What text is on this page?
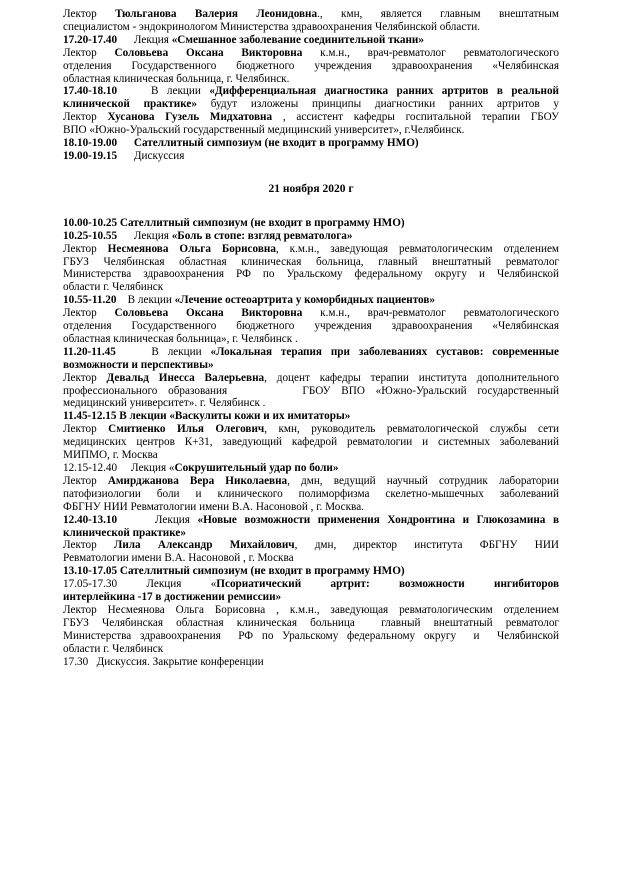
Лектор Тюльганова Валерия Леонидовна., кмн, является главным внештатным
специалистом - эндокринологом Министерства здравоохранения Челябинской области.
17.20-17.40      Лекция «Смешанное заболевание соединительной ткани»
Лектор Соловьева Оксана Викторовна к.м.н., врач-ревматолог ревматологического
отделения Государственного бюджетного учреждения здравоохранения «Челябинская
областная клиническая больница, г. Челябинск.
17.40-18.10    В лекции «Дифференциальная диагностика ранних артритов в реальной
клинической практике» будут изложены принципы диагностики ранних артритов у
Лектор Хусанова Гузель Мидхатовна , ассистент кафедры госпитальной терапии ГБОУ
ВПО «Южно-Уральский государственный медицинский университет», г.Челябинск.
18.10-19.00 Сателлитный симпозиум (не входит в программу НМО)
19.00-19.15      Дискуссия
21 ноября 2020 г
10.00-10.25 Сателлитный симпозиум (не входит в программу НМО)
10.25-10.55      Лекция «Боль в стопе: взгляд ревматолога»
Лектор Несмеянова Ольга Борисовна, к.м.н., заведующая ревматологическим отделением
ГБУЗ Челябинская областная клиническая больница, главный внештатный ревматолог
Министерства здравоохранения РФ по Уральскому федеральному округу и Челябинской
области г. Челябинск
10.55-11.20    В лекции «Лечение остеоартрита у коморбидных пациентов»
Лектор Соловьева Оксана Викторовна к.м.н., врач-ревматолог ревматологического
отделения Государственного бюджетного учреждения здравоохранения «Челябинская
областная клиническая больница», г. Челябинск .
11.20-11.45    В лекции «Локальная терапия при заболеваниях суставов: современные
возможности и перспективы»
Лектор Девальд Инесса Валерьевна, доцент кафедры терапии института дополнительного
профессионального образования       ГБОУ ВПО «Южно-Уральский государственный
медицинский университет». г. Челябинск .
11.45-12.15 В лекции «Васкулиты кожи и их имитаторы»
Лектор Смитиенко Илья Олегович, кмн, руководитель ревматологической службы сети
медицинских центров К+31, заведующий кафедрой ревматологии и системных заболеваний
МИПМО, г. Москва
12.15-12.40     Лекция «Сокрушительный удар по боли»
Лектор Амирджанова Вера Николаевна, дмн, ведущий научный сотрудник лаборатории
патофизиологии боли и клинического полиморфизма скелетно-мышечных заболеваний
ФБГНУ НИИ Ревматологии имени В.А. Насоновой , г. Москва.
12.40-13.10     Лекция «Новые возможности применения Хондронтина и Глюкозамина в
клинической практике»
Лектор Лила Александр Михайлович, дмн, директор института ФБГНУ НИИ
Ревматологии имени В.А. Насоновой , г. Москва
13.10-17.05 Сателлитный симпозиум (не входит в программу НМО)
17.05-17.30     Лекция     «Псориатический     артрит:     возможности     ингибиторов
интерлейкина -17 в достижении ремиссии»
Лектор Несмеянова Ольга Борисовна , к.м.н., заведующая ревматологическим отделением
ГБУЗ Челябинская областная клиническая больница  главный внештатный ревматолог
Министерства здравоохранения  РФ по Уральскому федеральному округу  и  Челябинской
области г. Челябинск
17.30   Дискуссия. Закрытие конференции
